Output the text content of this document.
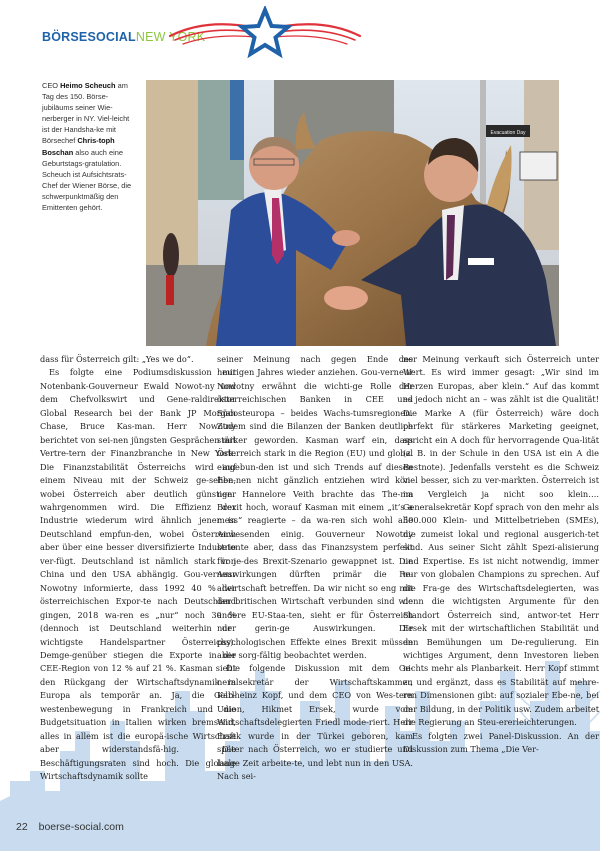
BÖRSESOCIALNEW YORK
CEO Heimo Scheuch am Tag des 150. Börse-jubiläums seiner Wie-nerberger in NY. Viel-leicht ist der Handsha-ke mit Börsechef Chris-toph Boschan also auch eine Geburtstags-gratulation. Scheuch ist Aufsichtsrats-Chef der Wiener Börse, die schwerpunktmäßig den Emittenten gehört.
Evacuation Day

dass für Österreich gilt: „Yes we do“.

Es folgte eine Podiumsdiskussion mit Notenbank-Gouverneur Ewald Nowot-ny und dem Chefvolkswirt und Gene-raldirektor Global Research bei der Bank JP Morgan Chase, Bruce Kas-man. Herr Nowotny berichtet von sei-nen jüngsten Gesprächen mit Vertre-tern der Finanzbranche in New York. Die Finanzstabilität Österreichs wird auf einem Niveau mit der Schweiz ge-sehen, wobei Österreich aber deutlich günstiger wahrgenommen wird. Die Effizienz der Industrie wiederum wird ähnlich jener in Deutschland empfun-den, wobei Österreich aber über eine besser diversifizierte Industrie ver-fügt. Deutschland ist nämlich stark von China und den USA abhängig. Gou-verneur Nowotny informierte, dass 1992 40 % der österreichischen Expor-te nach Deutschland gingen, 2018 wa-ren es „nur“ noch 30 % (dennoch ist Deutschland weiterhin der wichtigste Handelspartner Österreichs). Demge-genüber stiegen die Exporte in die CEE-Region von 12 % auf 21 %. Kasman sieht den Rückgang der Wirtschaftsdynamik in Europa als temporär an. Ja, die Gelb-westenbewegung in Frankreich und die Budgetsituation in Italien wirken bremsend, alles in allem ist die europä-ische Wirtschaft aber widerstandsfä-hig. Die Beschäftigungsraten sind hoch. Die globale Wirtschaftsdynamik sollte

seiner Meinung nach gegen Ende des heurigen Jahres wieder anziehen. Gou-verneur Nowotny erwähnt die wichti-ge Rolle der österreichischen Banken in CEE und Südosteuropa – beides Wachs-tumsregionen. Zudem sind die Bilanzen der Banken deutlich stärker geworden. Kasman warf ein, dass Österreich stark in die Region (EU) und global eingebun-den ist und sich Trends auf diesen Ebe-nen nicht gänzlich entziehen wird kön-nen. Hannelore Veith brachte das The-ma Brexit hoch, worauf Kasman mit einem „it’s a mess“ reagierte – da wa-ren sich wohl alle Anwesenden einig. Gouverneur Nowotny betonte aber, dass das Finanzsystem perfekt für je-des Brexit-Szenario gewappnet ist. Die Auswirkungen dürften primär die Re-alwirtschaft betreffen. Da wir nicht so eng mit der britischen Wirtschaft verbunden sind wie andere EU-Staa-ten, sieht er für Österreich nur gerin-ge Auswirkungen. Die psychologischen Effekte eines Brexit müssen aber sorg-fältig beobachtet werden.

Die folgende Diskussion mit dem Ge-neralsekretär der Wirtschaftskammer, Karlheinz Kopf, und dem CEO von Wes-tern Union, Hikmet Ersek, wurde vom Wirtschaftsdelegierten Friedl mode-riert. Herr Ersek wurde in der Türkei geboren, kam später nach Österreich, wo er studierte und lange Zeit arbeite-te, und lebt nun in den USA. Nach sei-

ner Meinung verkauft sich Österreich unter Wert. Es wird immer gesagt: „Wir sind im Herzen Europas, aber klein.“ Auf das kommt es jedoch nicht an – was zählt ist die Qualität! Die Marke A (für Österreich) wäre doch perfekt für stärkeres Marketing geeignet, spricht ein A doch für hervorragende Qua-lität (z. B. in der Schule in den USA ist ein A die Bestnote). Jedenfalls versteht es die Schweiz viel besser, sich zu ver-markten. Österreich ist im Vergleich ja nicht soo klein…. Generalsekretär Kopf sprach von den mehr als 500.000 Klein- und Mittelbetrieben (SMEs), die zumeist lokal und regional ausgerich-tet sind. Aus seiner Sicht zählt Spezi-alisierung und Expertise. Es ist nicht notwendig, immer nur von globalen Champions zu sprechen. Auf die Fra-ge des Wirtschaftsdelegierten, was denn die wichtigsten Argumente für den Standort Österreich sind, antwor-tet Herr Ersek mit der wirtschaftlichen Stabilität und den Bemühungen um De-regulierung. Ein wichtiges Argument, denn Investoren lieben nichts mehr als Planbarkeit. Herr Kopf stimmt zu und ergänzt, dass es Stabilität auf mehre-ren Dimensionen gibt: auf sozialer Ebe-ne, bei der Bildung, in der Politik usw. Zudem arbeitet die Regierung an Steu-ererleichterungen.

Es folgten zwei Panel-Diskussion. An der Diskussion zum Thema „Die Ver-

22 boerse-social.com
